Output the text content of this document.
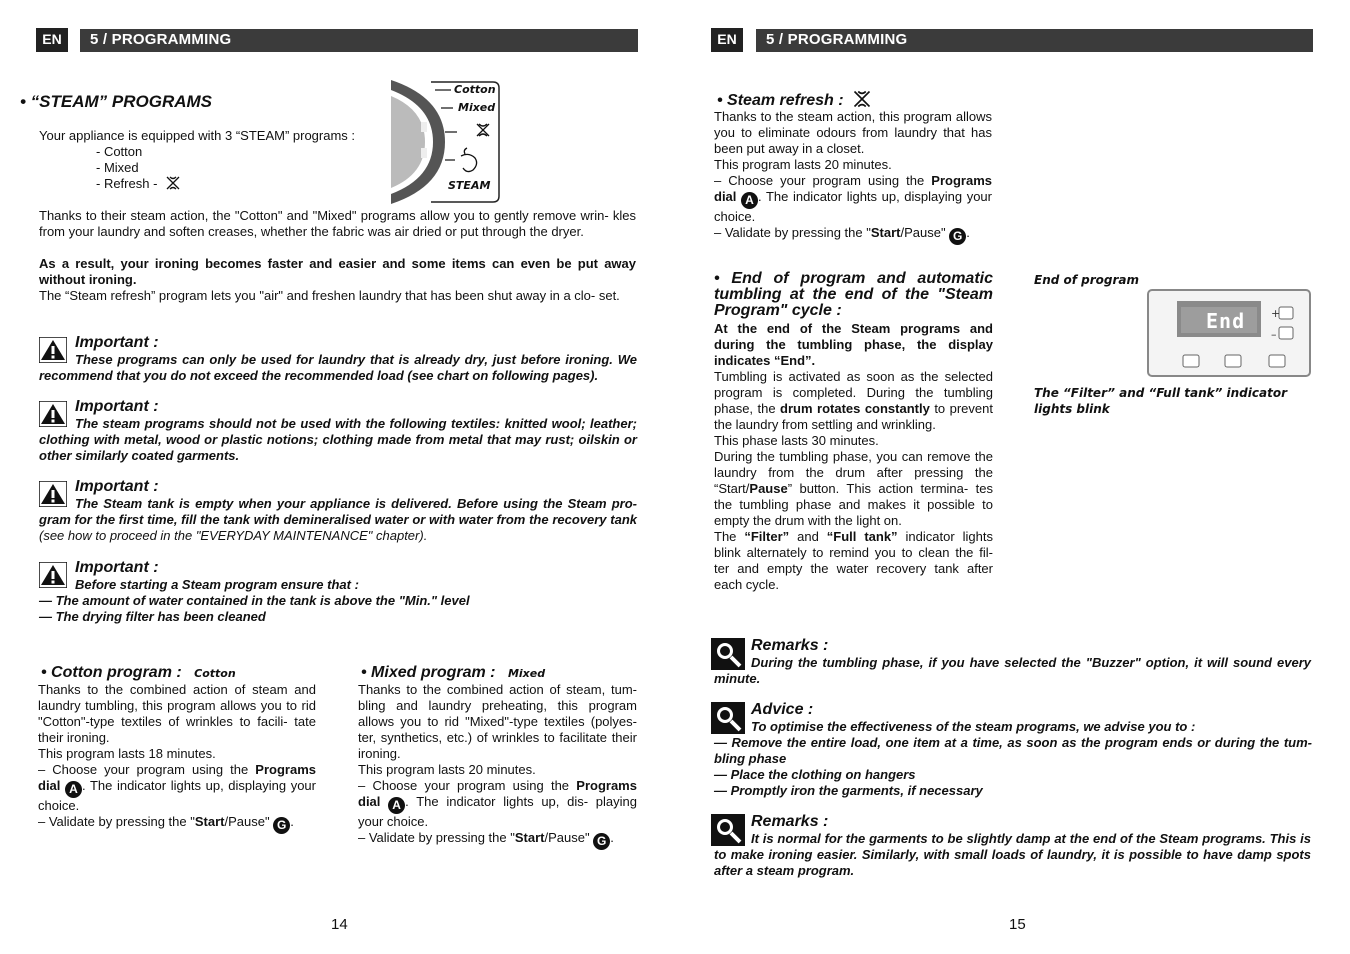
EN	5 / PROGRAMMING
• “STEAM” PROGRAMS
Your appliance is equipped with 3 “STEAM” programs :
- Cotton
- Mixed
- Refresh -
Cotton
Mixed
STEAM
Thanks to their steam action, the "Cotton" and "Mixed" programs allow you to gently remove wrin- kles from your laundry and soften creases, whether the fabric was air dried or put through the dryer.
As a result, your ironing becomes faster and easier and some items can even be put away without ironing.
The “Steam refresh” program lets you "air" and freshen laundry that has been shut away in a clo- set.
Important :
These programs can only be used for laundry that is already dry, just before ironing. We recommend that you do not exceed the recommended load (see chart on following pages).
Important :
The steam programs should not be used with the following textiles: knitted wool; leather; clothing with metal, wood or plastic notions; clothing made from metal that may rust; oilskin or other similarly coated garments.
Important :
The Steam tank is empty when your appliance is delivered. Before using the Steam pro- gram for the first time, fill the tank with demineralised water or with water from the recovery tank (see how to proceed in the "EVERYDAY MAINTENANCE" chapter).
Important :
Before starting a Steam program ensure that :
— The amount of water contained in the tank is above the "Min." level
— The drying filter has been cleaned
• Cotton program : Cotton
Thanks to the combined action of steam and laundry tumbling, this program allows you to rid "Cotton"-type textiles of wrinkles to facili- tate their ironing.
This program lasts 18 minutes.
– Choose your program using the Programs dial A . The indicator lights up, displaying your choice.
– Validate by pressing the "Start/Pause" G .
• Mixed program : Mixed
Thanks to the combined action of steam, tum- bling and laundry preheating, this program allows you to rid "Mixed"-type textiles (polyes- ter, synthetics, etc.) of wrinkles to facilitate their ironing.
This program lasts 20 minutes.
– Choose your program using the Programs dial A . The indicator lights up, dis- playing your choice.
– Validate by pressing the "Start/Pause" G .
14
EN	5 / PROGRAMMING
• Steam refresh :
Thanks to the steam action, this program allows you to eliminate odours from laundry that has been put away in a closet.
This program lasts 20 minutes.
– Choose your program using the Programs dial A . The indicator lights up, displaying your choice.
– Validate by pressing the "Start/Pause" G .
• End of program and automatic tumbling at the end of the "Steam Program" cycle :
At the end of the Steam programs and during the tumbling phase, the display indicates “End”.
Tumbling is activated as soon as the selected program is completed. During the tumbling phase, the drum rotates constantly to prevent the laundry from settling and wrinkling.
This phase lasts 30 minutes.
During the tumbling phase, you can remove the laundry from the drum after pressing the “Start/Pause” button. This action termina- tes the tumbling phase and makes it possible to empty the drum with the light on.
The “Filter” and “Full tank” indicator lights blink alternately to remind you to clean the fil- ter and empty the water recovery tank after each cycle.
End of program
+
–
End
The “Filter” and “Full tank” indicator lights blink
Remarks :
During the tumbling phase, if you have selected the "Buzzer" option, it will sound every minute.
Advice :
To optimise the effectiveness of the steam programs, we advise you to :
— Remove the entire load, one item at a time, as soon as the program ends or during the tum- bling phase
— Place the clothing on hangers
— Promptly iron the garments, if necessary
Remarks :
It is normal for the garments to be slightly damp at the end of the Steam programs. This is to make ironing easier. Similarly, with small loads of laundry, it is possible to have damp spots after a steam program.
15
